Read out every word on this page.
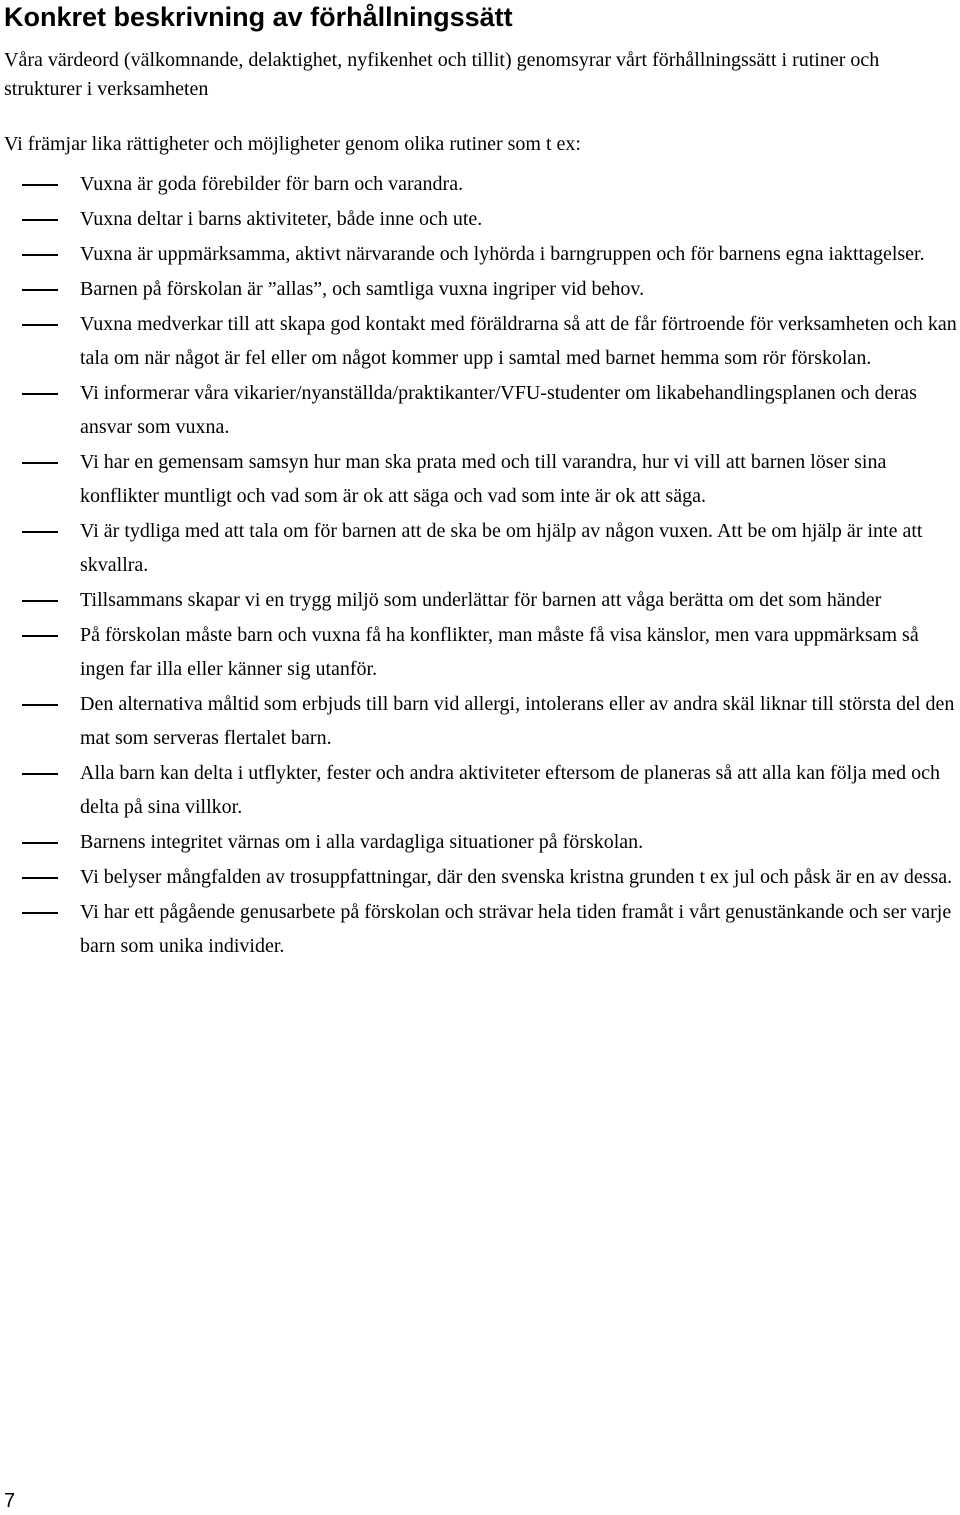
Konkret beskrivning av förhållningssätt

Våra värdeord (välkomnande, delaktighet, nyfikenhet och tillit) genomsyrar vårt förhållningssätt i rutiner och strukturer i verksamheten

Vi främjar lika rättigheter och möjligheter genom olika rutiner som t ex:

Vuxna är goda förebilder för barn och varandra.
Vuxna deltar i barns aktiviteter, både inne och ute.
Vuxna är uppmärksamma, aktivt närvarande och lyhörda i barngruppen och för barnens egna iakttagelser.
Barnen på förskolan är ”allas”, och samtliga vuxna ingriper vid behov.
Vuxna medverkar till att skapa god kontakt med föräldrarna så att de får förtroende för verksamheten och kan tala om när något är fel eller om något kommer upp i samtal med barnet hemma som rör förskolan.
Vi informerar våra vikarier/nyanställda/praktikanter/VFU-studenter om likabehandlingsplanen och deras ansvar som vuxna.
Vi har en gemensam samsyn hur man ska prata med och till varandra, hur vi vill att barnen löser sina konflikter muntligt och vad som är ok att säga och vad som inte är ok att säga.
Vi är tydliga med att tala om för barnen att de ska be om hjälp av någon vuxen. Att be om hjälp är inte att skvallra.
Tillsammans skapar vi en trygg miljö som underlättar för barnen att våga berätta om det som händer
På förskolan måste barn och vuxna få ha konflikter, man måste få visa känslor, men vara uppmärksam så ingen far illa eller känner sig utanför.
Den alternativa måltid som erbjuds till barn vid allergi, intolerans eller av andra skäl liknar till största del den mat som serveras flertalet barn.
Alla barn kan delta i utflykter, fester och andra aktiviteter eftersom de planeras så att alla kan följa med och delta på sina villkor.
Barnens integritet värnas om i alla vardagliga situationer på förskolan.
Vi belyser mångfalden av trosuppfattningar, där den svenska kristna grunden t ex jul och påsk är en av dessa.
Vi har ett pågående genusarbete på förskolan och strävar hela tiden framåt i vårt genustänkande och ser varje barn som unika individer.
7
